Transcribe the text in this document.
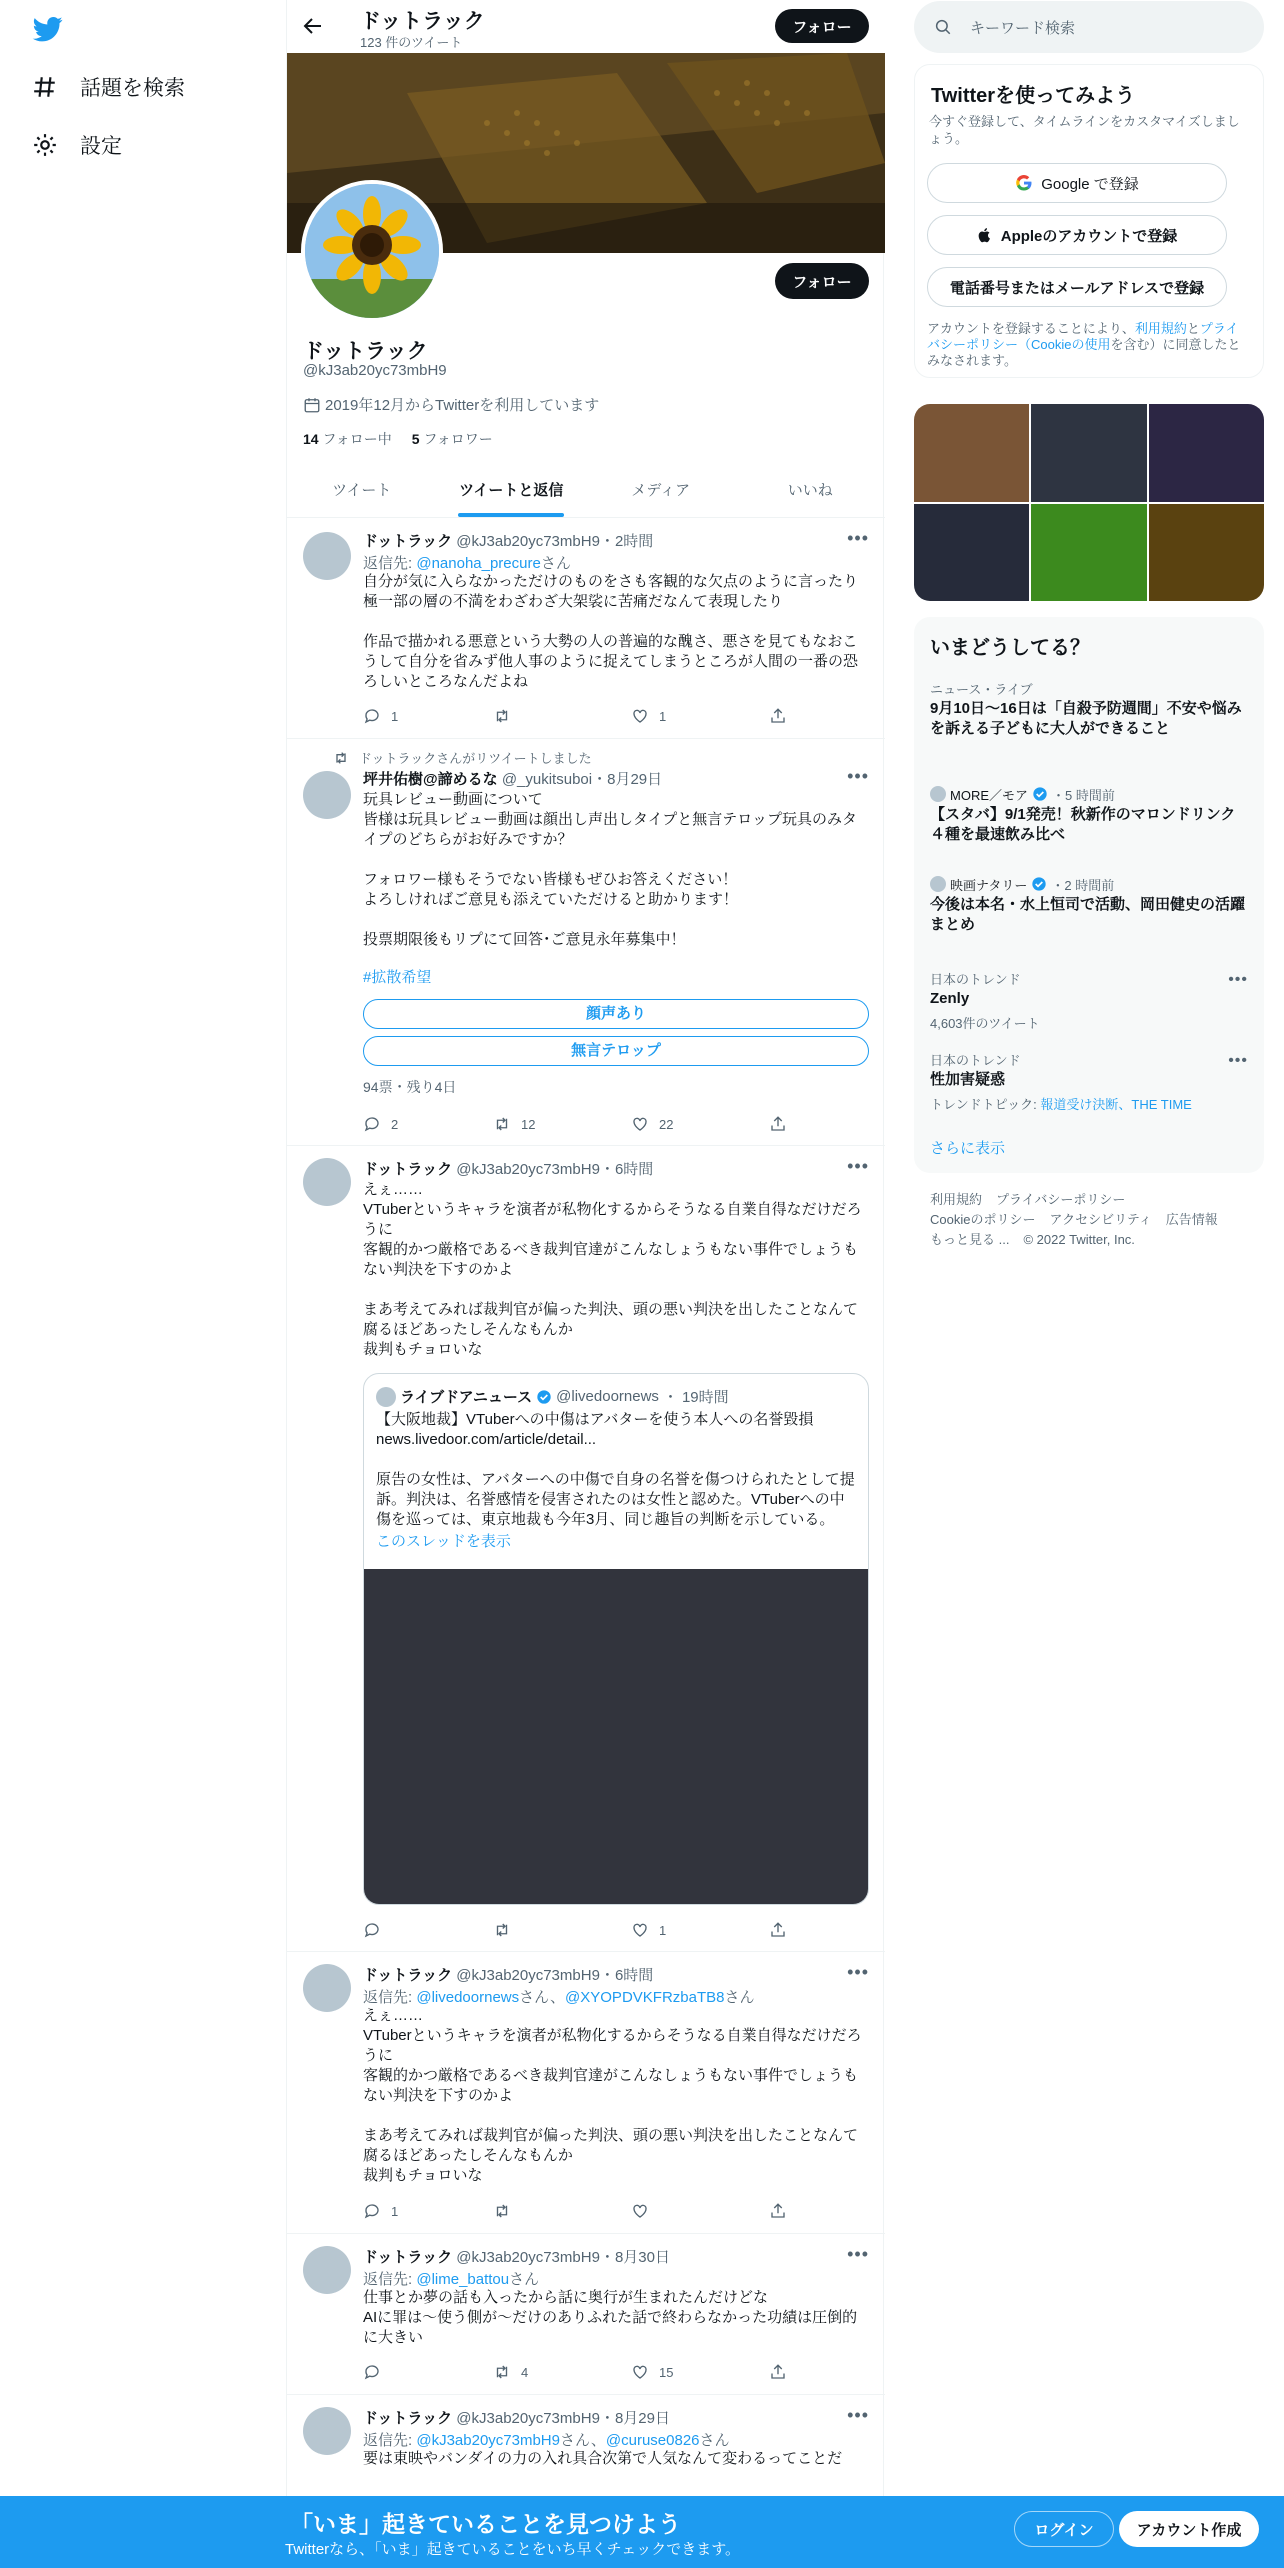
話題を検索
設定
ドットラック
123 件のツイート
フォロー
フォロー
ドットラック
@kJ3ab20yc73mbH9
2019年12月からTwitterを利用しています
14 フォロー中 5 フォロワー
ツイート	ツイートと返信	メディア	いいね
ドットラック @kJ3ab20yc73mbH9・2時間	•••
返信先: @nanoha_precureさん
自分が気に入らなかっただけのものをさも客観的な欠点のように言ったり極一部の層の不満をわざわざ大架裟に苦痛だなんて表現したり

作品で描かれる悪意という大勢の人の普遍的な醜さ、悪さを見てもなおこうして自分を省みず他人事のように捉えてしまうところが人間の一番の恐ろしいところなんだよね
1	1
ドットラックさんがリツイートしました
坪井佑樹@諦めるな @_yukitsuboi・8月29日	•••
玩具レビュー動画について
皆様は玩具レビュー動画は顔出し声出しタイプと無言テロップ玩具のみタイプのどちらがお好みですか？

フォロワー様もそうでない皆様もぜひお答えください！
よろしければご意見も添えていただけると助かります！

投票期限後もリプにて回答･ご意見永年募集中！
#拡散希望
顔声あり
無言テロップ
94票・残り4日
2	12	22
ドットラック @kJ3ab20yc73mbH9・6時間	•••
えぇ……
VTuberというキャラを演者が私物化するからそうなる自業自得なだけだろうに
客観的かつ厳格であるべき裁判官達がこんなしょうもない事件でしょうもない判決を下すのかよ

まあ考えてみれば裁判官が偏った判決、頭の悪い判決を出したことなんて腐るほどあったしそんなもんか
裁判もチョロいな
ライブドアニュース @livedoornews ・ 19時間
【大阪地裁】VTuberへの中傷はアバターを使う本人への名誉毀損
news.livedoor.com/article/detail...

原告の女性は、アバターへの中傷で自身の名誉を傷つけられたとして提訴。判決は、名誉感情を侵害されたのは女性と認めた。VTuberへの中傷を巡っては、東京地裁も今年3月、同じ趣旨の判断を示している。
このスレッドを表示
1
ドットラック @kJ3ab20yc73mbH9・6時間	•••
返信先: @livedoornewsさん、@XYOPDVKFRzbaTB8さん
えぇ……
VTuberというキャラを演者が私物化するからそうなる自業自得なだけだろうに
客観的かつ厳格であるべき裁判官達がこんなしょうもない事件でしょうもない判決を下すのかよ

まあ考えてみれば裁判官が偏った判決、頭の悪い判決を出したことなんて腐るほどあったしそんなもんか
裁判もチョロいな
1
ドットラック @kJ3ab20yc73mbH9・8月30日	•••
返信先: @lime_battouさん
仕事とか夢の話も入ったから話に奥行が生まれたんだけどな
AIに罪は〜使う側が〜だけのありふれた話で終わらなかった功績は圧倒的に大きい
4	15
ドットラック @kJ3ab20yc73mbH9・8月29日	•••
返信先: @kJ3ab20yc73mbH9さん、@curuse0826さん
要は東映やバンダイの力の入れ具合次第で人気なんて変わるってことだ
キーワード検索
Twitterを使ってみよう
今すぐ登録して、タイムラインをカスタマイズしましょう。
Google で登録
Appleのアカウントで登録
電話番号またはメールアドレスで登録
アカウントを登録することにより、利用規約とプライバシーポリシー（Cookieの使用を含む）に同意したとみなされます。
いまどうしてる？
ニュース・ライブ
9月10日〜16日は「自殺予防週間」不安や悩みを訴える子どもに大人ができること
MORE／モア ・5 時間前
【スタバ】9/1発売！秋新作のマロンドリンク４種を最速飲み比べ
映画ナタリー ・2 時間前
今後は本名・水上恒司で活動、岡田健史の活躍まとめ
日本のトレンド	•••
Zenly
4,603件のツイート
日本のトレンド	•••
性加害疑惑
トレンドトピック: 報道受け決断、THE TIME
さらに表示
利用規約 プライバシーポリシー
Cookieのポリシー アクセシビリティ 広告情報
もっと見る ... © 2022 Twitter, Inc.
「いま」起きていることを見つけよう
Twitterなら、「いま」起きていることをいち早くチェックできます。
ログイン	アカウント作成
